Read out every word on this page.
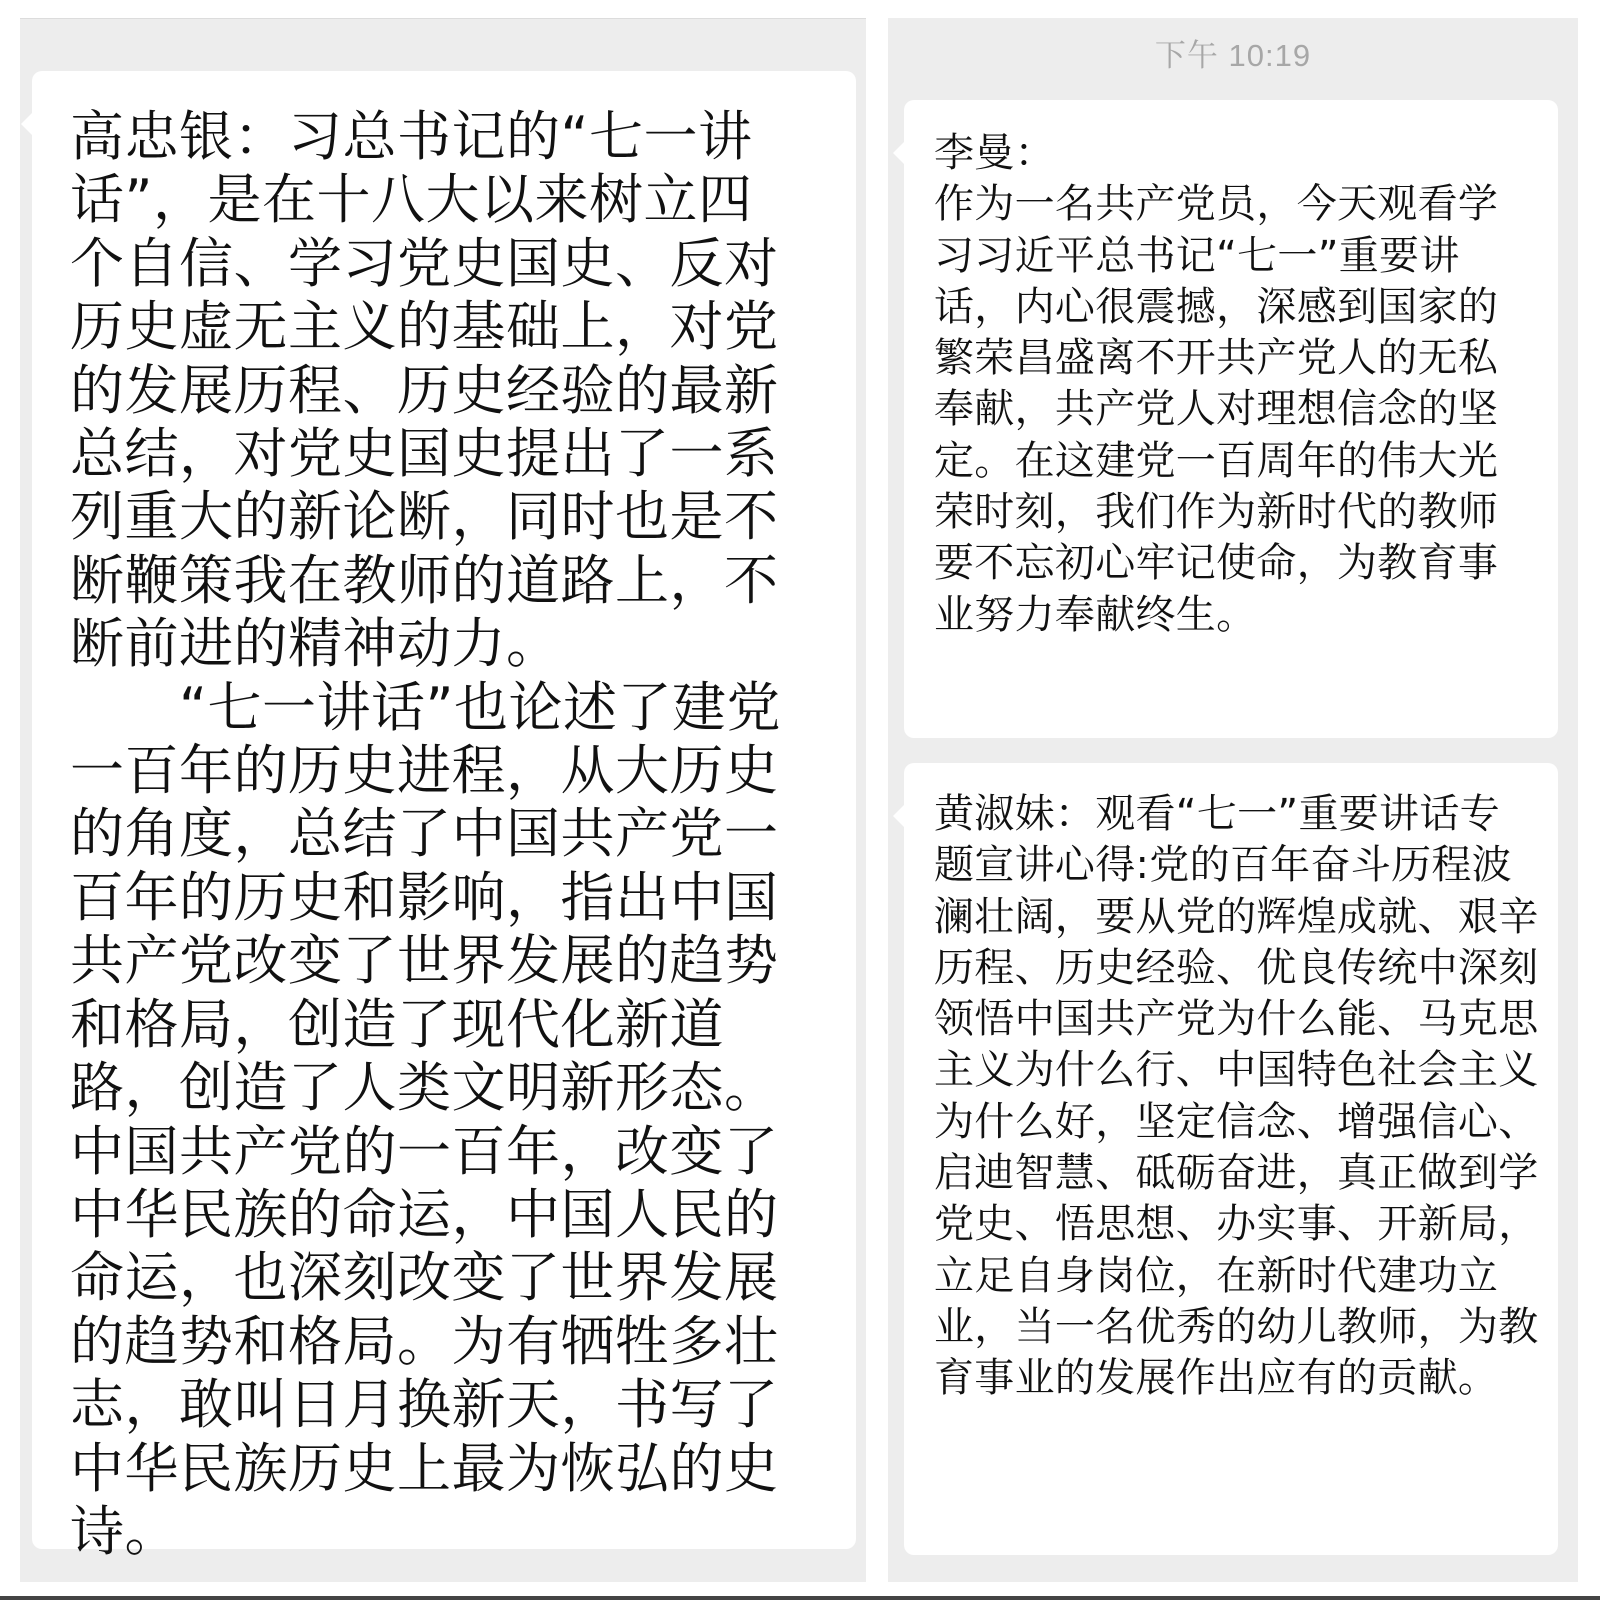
高忠银：习总书记的“七一讲话”，是在十八大以来树立四个自信、学习党史国史、反对历史虚无主义的基础上，对党的发展历程、历史经验的最新总结，对党史国史提出了一系列重大的新论断，同时也是不断鞭策我在教师的道路上，不断前进的精神动力。
　　“七一讲话”也论述了建党一百年的历史进程，从大历史的角度，总结了中国共产党一百年的历史和影响，指出中国共产党改变了世界发展的趋势和格局，创造了现代化新道路，创造了人类文明新形态。中国共产党的一百年，改变了中华民族的命运，中国人民的命运，也深刻改变了世界发展的趋势和格局。为有牺牲多壮志，敢叫日月换新天，书写了中华民族历史上最为恢弘的史诗。

下午 10:19

李曼：
作为一名共产党员，今天观看学习习近平总书记“七一”重要讲话，内心很震撼，深感到国家的繁荣昌盛离不开共产党人的无私奉献，共产党人对理想信念的坚定。在这建党一百周年的伟大光荣时刻，我们作为新时代的教师要不忘初心牢记使命，为教育事业努力奉献终生。

黄淑妹：观看“七一”重要讲话专题宣讲心得:党的百年奋斗历程波澜壮阔，要从党的辉煌成就、艰辛历程、历史经验、优良传统中深刻领悟中国共产党为什么能、马克思主义为什么行、中国特色社会主义为什么好，坚定信念、增强信心、启迪智慧、砥砺奋进，真正做到学党史、悟思想、办实事、开新局，立足自身岗位，在新时代建功立业，当一名优秀的幼儿教师，为教育事业的发展作出应有的贡献。
